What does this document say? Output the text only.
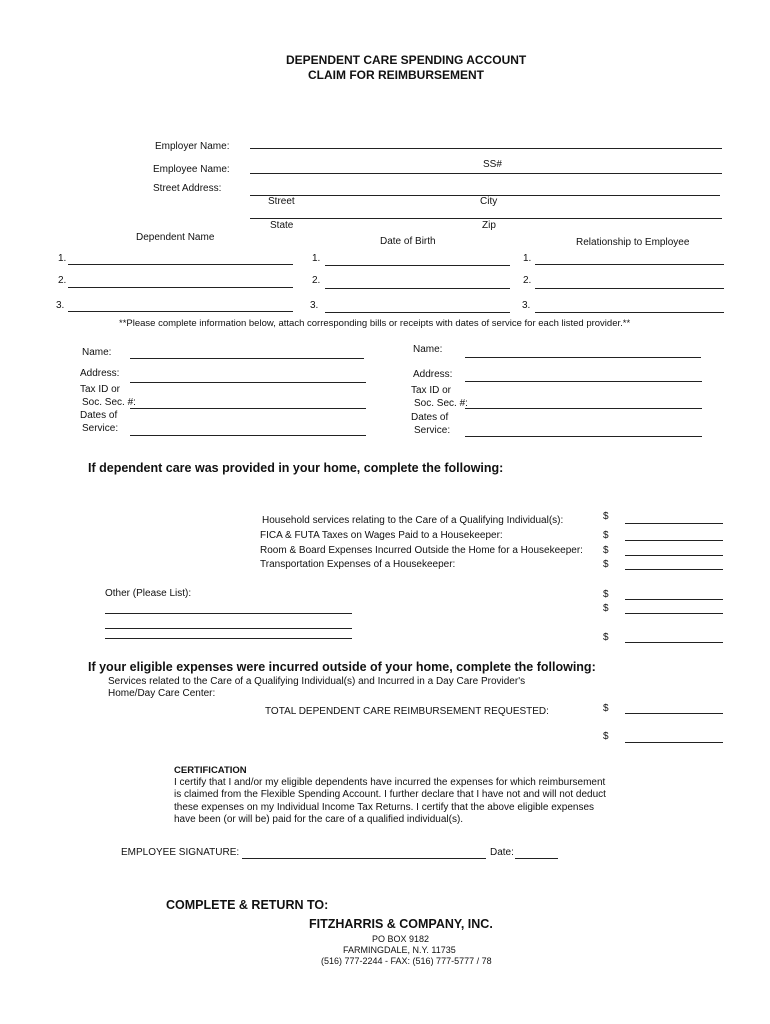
DEPENDENT CARE SPENDING ACCOUNT
CLAIM FOR REIMBURSEMENT
Employer Name:
Employee Name:	SS#
Street Address:
Street	City
State	Zip
Dependent Name	Date of Birth	Relationship to Employee
1.	1.	1.
2.	2.	2.
3.	3.	3.
**Please complete information below, attach corresponding bills or receipts with dates of service for each listed provider.**
Name:
Address:
Tax ID or
Soc. Sec. #:
Dates of
Service:
Name:
Address:
Tax ID or
Soc. Sec. #:
Dates of
Service:
If dependent care was provided in your home, complete the following:
Household services relating to the Care of a Qualifying Individual(s):	$
FICA & FUTA Taxes on Wages Paid to a Housekeeper:	$
Room & Board Expenses Incurred Outside the Home for a Housekeeper: $
Transportation Expenses of a Housekeeper:	$
Other (Please List):	$
$
$
If your eligible expenses were incurred outside of your home, complete the following:
Services related to the Care of a Qualifying Individual(s) and Incurred in a Day Care Provider's
Home/Day Care Center:
TOTAL DEPENDENT CARE REIMBURSEMENT REQUESTED:	$
$
CERTIFICATION
I certify that I and/or my eligible dependents have incurred the expenses for which reimbursement
is claimed from the Flexible Spending Account. I further declare that I have not and will not deduct
these expenses on my Individual Income Tax Returns. I certify that the above eligible expenses
have been (or will be) paid for the care of a qualified individual(s).
EMPLOYEE SIGNATURE:	Date:
COMPLETE & RETURN TO:
FITZHARRIS & COMPANY, INC.
PO BOX 9182
FARMINGDALE, N.Y. 11735
(516) 777-2244 - FAX: (516) 777-5777 / 78
